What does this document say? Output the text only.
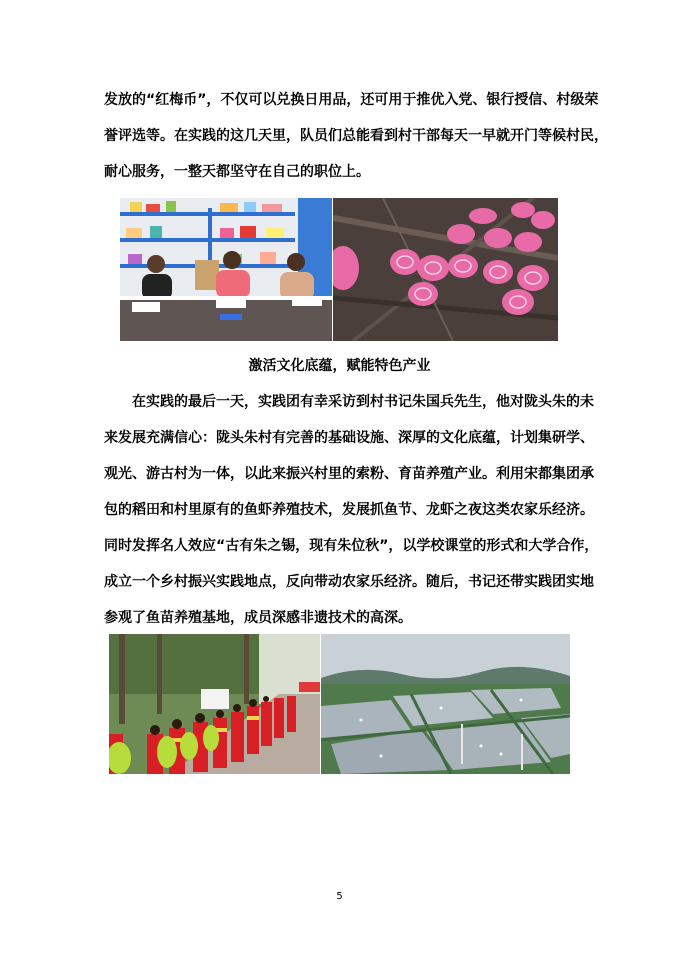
发放的“红梅币”，不仅可以兑换日用品，还可用于推优入党、银行授信、村级荣
誉评选等。在实践的这几天里，队员们总能看到村干部每天一早就开门等候村民，
耐心服务，一整天都坚守在自己的职位上。
激活文化底蕴，赋能特色产业
在实践的最后一天，实践团有幸采访到村书记朱国兵先生，他对陇头朱的未
来发展充满信心：陇头朱村有完善的基础设施、深厚的文化底蕴，计划集研学、
观光、游古村为一体，以此来振兴村里的索粉、育苗养殖产业。利用宋都集团承
包的稻田和村里原有的鱼虾养殖技术，发展抓鱼节、龙虾之夜这类农家乐经济。
同时发挥名人效应“古有朱之锡，现有朱位秋”，以学校课堂的形式和大学合作，
成立一个乡村振兴实践地点，反向带动农家乐经济。随后，书记还带实践团实地
参观了鱼苗养殖基地，成员深感非遗技术的高深。
5
